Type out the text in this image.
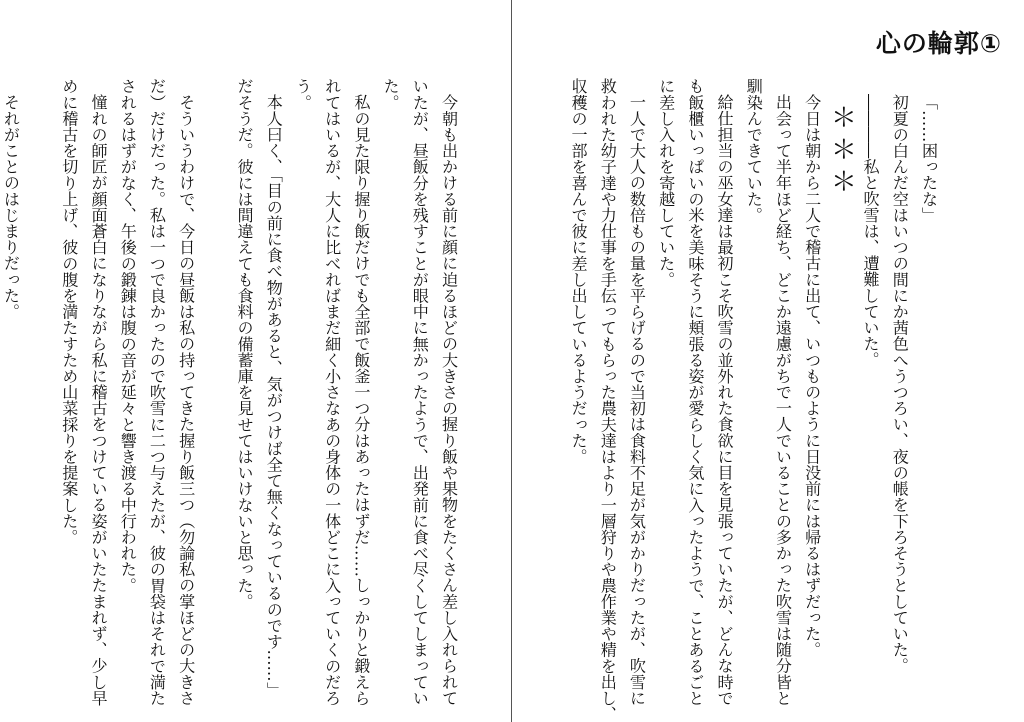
心の輪郭①

「……困ったな」

初夏の白んだ空はいつの間にか茜色へうつろい、夜の帳を下ろそうとしていた。

――――私と吹雪は、遭難していた。

＊＊＊

今日は朝から二人で稽古に出て、いつものように日没前には帰るはずだった。

出会って半年ほど経ち、どこか遠慮がちで一人でいることの多かった吹雪は随分皆と

馴染んできていた。

給仕担当の巫女達は最初こそ吹雪の並外れた食欲に目を見張っていたが、どんな時で

も飯櫃いっぱいの米を美味そうに頬張る姿が愛らしく気に入ったようで、ことあるごと

に差し入れを寄越していた。

一人で大人の数倍もの量を平らげるので当初は食料不足が気がかりだったが、吹雪に

救われた幼子達や力仕事を手伝ってもらった農夫達はより一層狩りや農作業や精を出し、

収穫の一部を喜んで彼に差し出しているようだった。

今朝も出かける前に顔に迫るほどの大きさの握り飯や果物をたくさん差し入れられて

いたが、昼飯分を残すことが眼中に無かったようで、出発前に食べ尽くしてしまってい

た。

私の見た限り握り飯だけでも全部で飯釜一つ分はあったはずだ……しっかりと鍛えら

れてはいるが、大人に比べればまだ細く小さなあの身体の一体どこに入っていくのだろ

う。

本人曰く、「目の前に食べ物があると、気がつけば全て無くなっているのです……」

だそうだ。彼には間違えても食料の備蓄庫を見せてはいけないと思った。

そういうわけで、今日の昼飯は私の持ってきた握り飯三つ（勿論私の掌ほどの大きさ

だ）だけだった。私は一つで良かったので吹雪に二つ与えたが、彼の胃袋はそれで満た

されるはずがなく、午後の鍛錬は腹の音が延々と響き渡る中行われた。

憧れの師匠が顔面蒼白になりながら私に稽古をつけている姿がいたたまれず、少し早

めに稽古を切り上げ、彼の腹を満たすため山菜採りを提案した。

それがことのはじまりだった。
